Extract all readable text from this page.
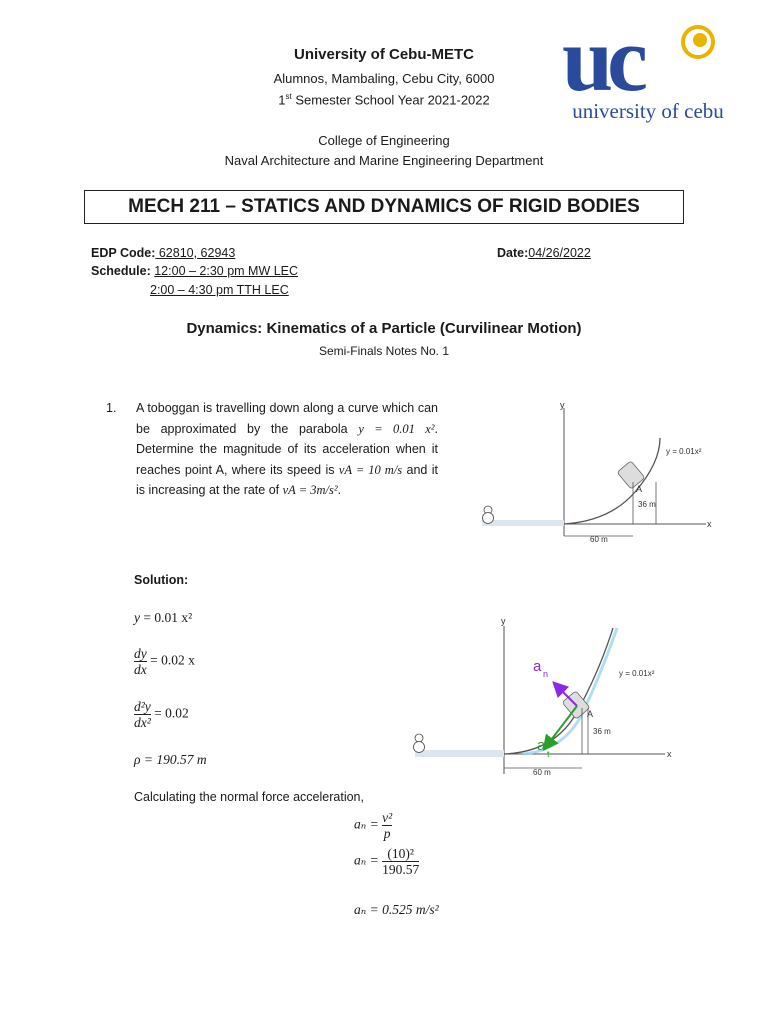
University of Cebu-METC
Alumnos, Mambaling, Cebu City, 6000
1st Semester School Year 2021-2022
College of Engineering
Naval Architecture and Marine Engineering Department
uc
university of cebu
MECH 211 – STATICS AND DYNAMICS OF RIGID BODIES
EDP Code: 62810, 62943	Date:04/26/2022
Schedule: 12:00 – 2:30 pm MW LEC
2:00 – 4:30 pm TTH LEC
Dynamics: Kinematics of a Particle (Curvilinear Motion)
Semi-Finals Notes No. 1
1. A toboggan is travelling down along a curve which can be approximated by the parabola y = 0.01 x². Determine the magnitude of its acceleration when it reaches point A, where its speed is vA = 10 m/s and it is increasing at the rate of vA = 3m/s².
y
x
A
36 m
60 m
y = 0.01x²
Solution:
y = 0.01 x²
$\frac{dy}{dx} = 0.02$ x
$\frac{\text{d²y}}{\text{dx²}} = 0.02$
ρ = 190.57 m
Calculating the normal force acceleration,
$a_n = \frac{\text{v²}}{p}$
$a_n = \frac{\text{(10)²}}{190.57}$
aₙ = 0.525 m/s²
y
x
a n
a t
A
36 m
60 m
y = 0.01x²
